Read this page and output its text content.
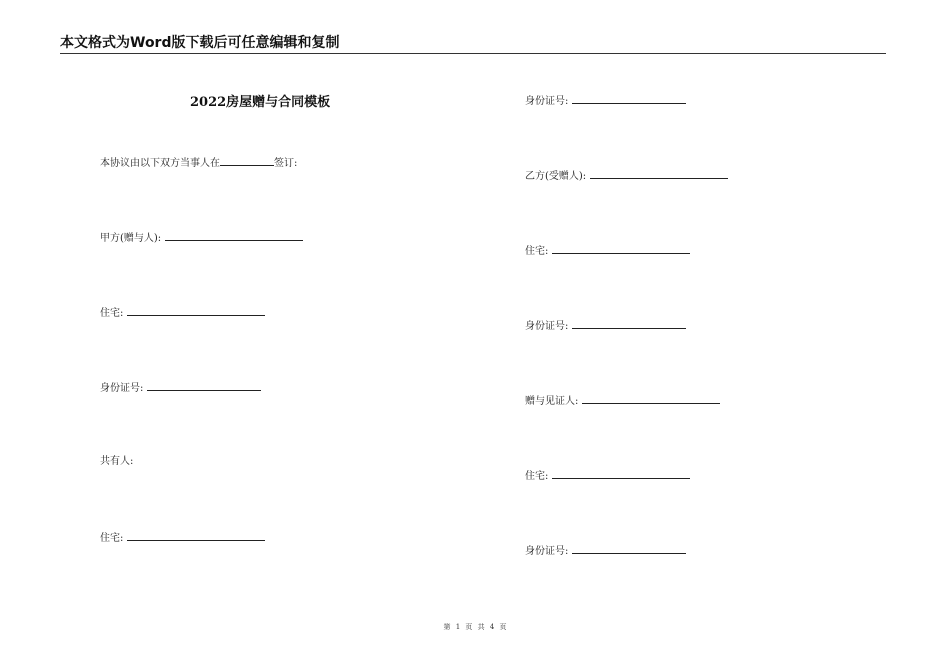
本文格式为Word版下载后可任意编辑和复制
2022房屋赠与合同模板
本协议由以下双方当事人在	签订:
甲方(赠与人):
住宅:
身份证号:
共有人:
住宅:
身份证号:
乙方(受赠人):
住宅:
身份证号:
赠与见证人:
住宅:
身份证号:
第 1 页 共 4 页
